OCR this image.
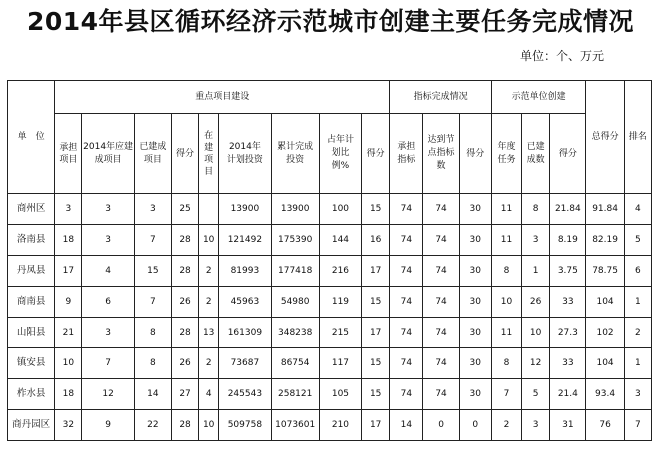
2014年县区循环经济示范城市创建主要任务完成情况
单位：个、万元
单　位	重点项目建设									指标完成情况			示范单位创建			总得分	排名
	承担项目	2014年应建成项目	已建成项目	得分	在建项目	2014年计划投资	累计完成投资	占年计划比例%	得分	承担指标	达到节点指标数	得分	年度任务	已建成数	得分		
商州区	3	3	3	25		13900	13900	100	15	74	74	30	11	8	21.84	91.84	4
洛南县	18	3	7	28	10	121492	175390	144	16	74	74	30	11	3	8.19	82.19	5
丹凤县	17	4	15	28	2	81993	177418	216	17	74	74	30	8	1	3.75	78.75	6
商南县	9	6	7	26	2	45963	54980	119	15	74	74	30	10	26	33	104	1
山阳县	21	3	8	28	13	161309	348238	215	17	74	74	30	11	10	27.3	102	2
镇安县	10	7	8	26	2	73687	86754	117	15	74	74	30	8	12	33	104	1
柞水县	18	12	14	27	4	245543	258121	105	15	74	74	30	7	5	21.4	93.4	3
商丹园区	32	9	22	28	10	509758	1073601	210	17	14	0	0	2	3	31	76	7
